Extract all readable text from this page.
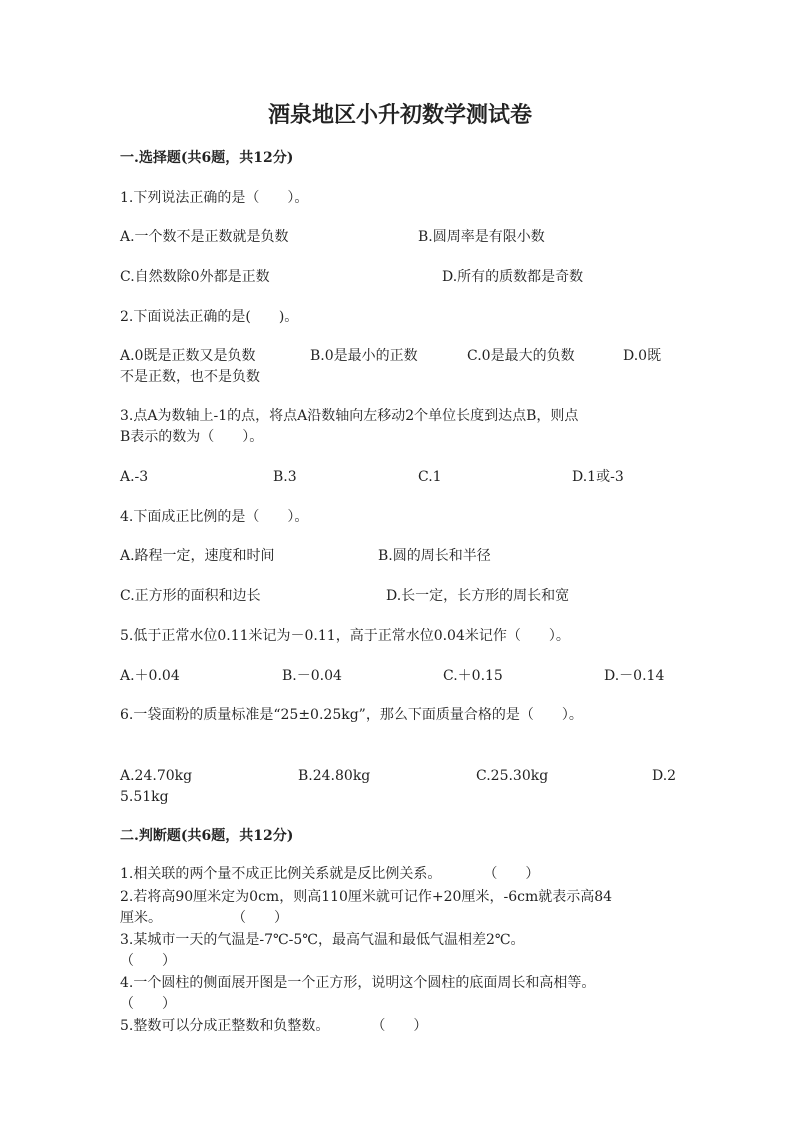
酒泉地区小升初数学测试卷
一.选择题(共6题，共12分)
1.下列说法正确的是（　　）。
A.一个数不是正数就是负数	B.圆周率是有限小数
C.自然数除0外都是正数	D.所有的质数都是奇数
2.下面说法正确的是(　　)。
A.0既是正数又是负数	B.0是最小的正数	C.0是最大的负数	D.0既
不是正数，也不是负数
3.点A为数轴上-1的点，将点A沿数轴向左移动2个单位长度到达点B，则点
B表示的数为（　　）。
A.-3	B.3	C.1	D.1或-3
4.下面成正比例的是（　　）。
A.路程一定，速度和时间	B.圆的周长和半径
C.正方形的面积和边长	D.长一定，长方形的周长和宽
5.低于正常水位0.11米记为－0.11，高于正常水位0.04米记作（　　）。
A.＋0.04	B.－0.04	C.＋0.15	D.－0.14
6.一袋面粉的质量标准是“25±0.25kg”，那么下面质量合格的是（　　）。
A.24.70kg	B.24.80kg	C.25.30kg	D.2
5.51kg
二.判断题(共6题，共12分)
1.相关联的两个量不成正比例关系就是反比例关系。　　　　（　　）
2.若将高90厘米定为0cm，则高110厘米就可记作+20厘米，-6cm就表示高84
厘米。　　　　　　（　　）
3.某城市一天的气温是-7℃-5℃，最高气温和最低气温相差2℃。
（　　）
4.一个圆柱的侧面展开图是一个正方形，说明这个圆柱的底面周长和高相等。
（　　）
5.整数可以分成正整数和负整数。　　　　（　　）
